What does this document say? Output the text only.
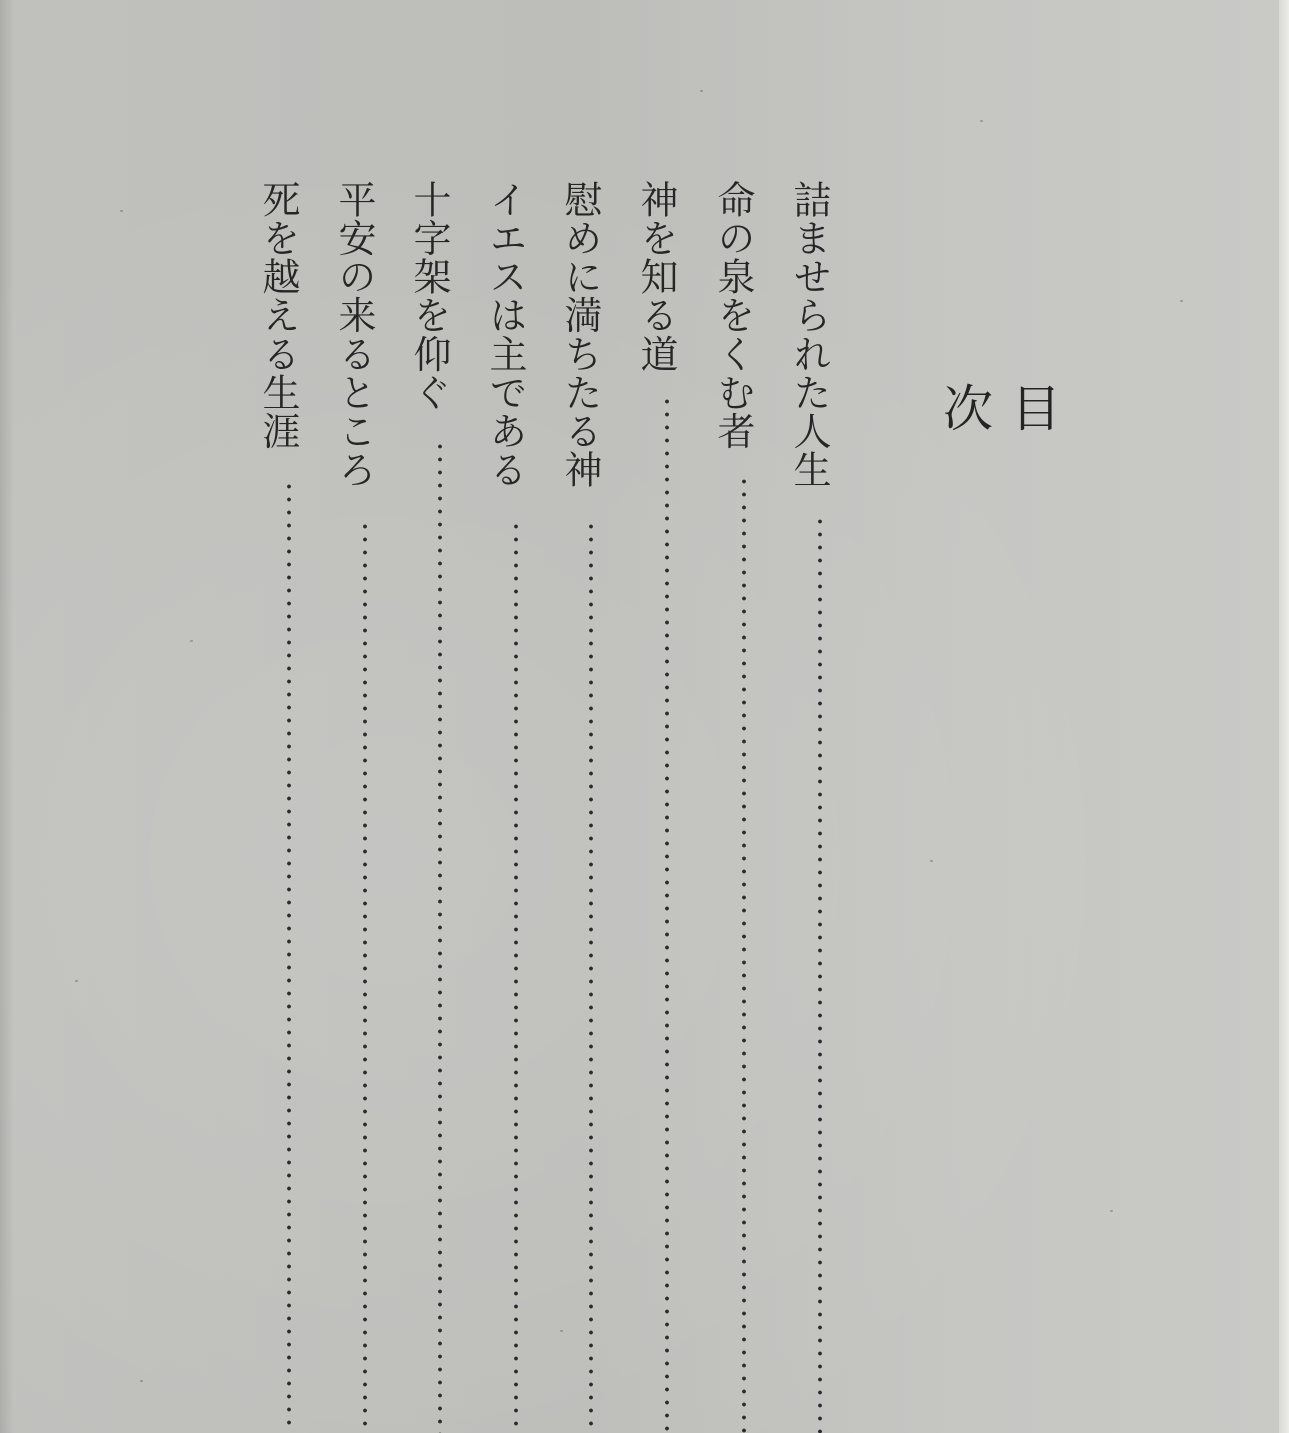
目次
詰ませられた人生
命の泉をくむ者
神を知る道
慰めに満ちたる神
イエスは主である
十字架を仰ぐ
平安の来るところ
死を越える生涯
